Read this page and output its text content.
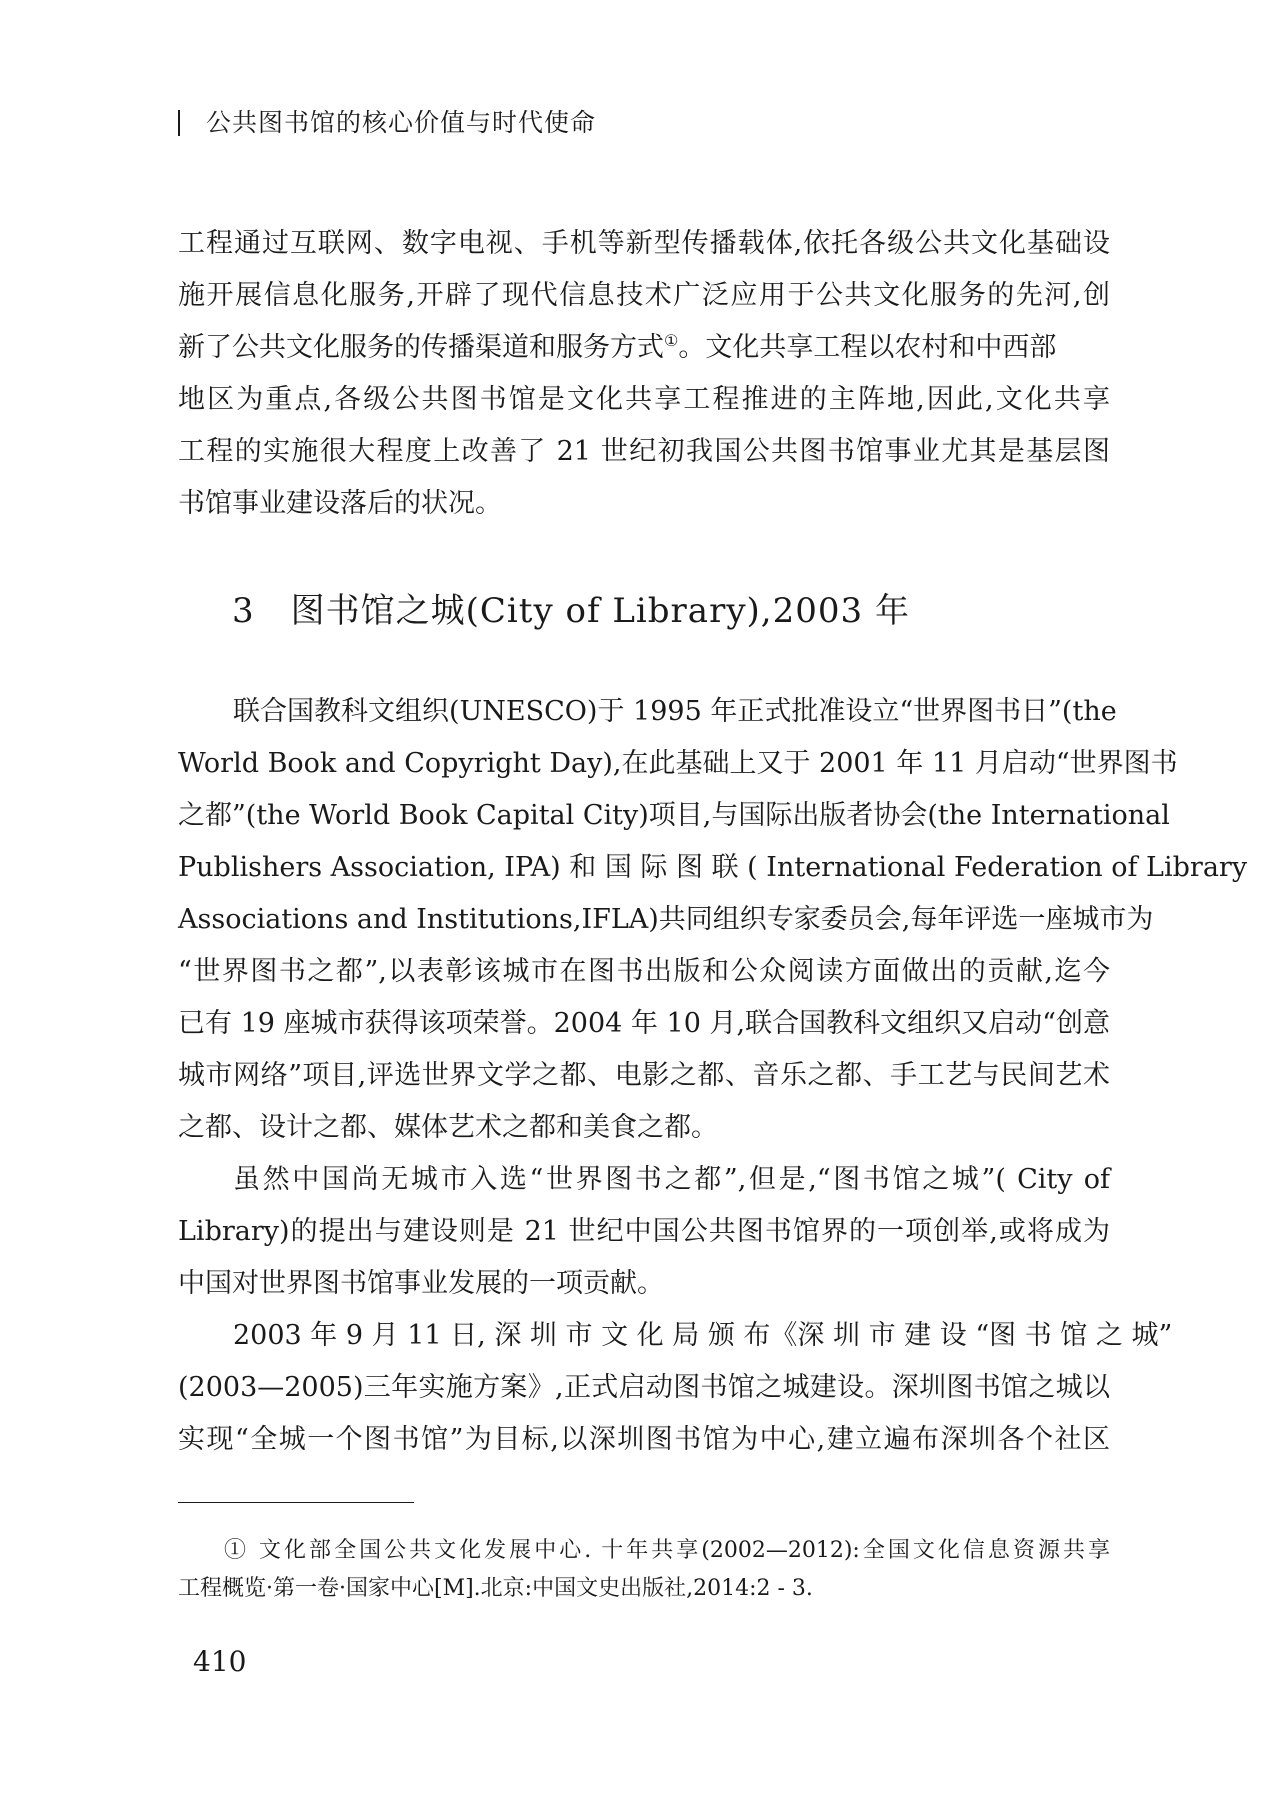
公共图书馆的核心价值与时代使命
工程通过互联网、数字电视、手机等新型传播载体,依托各级公共文化基础设
施开展信息化服务,开辟了现代信息技术广泛应用于公共文化服务的先河,创
新了公共文化服务的传播渠道和服务方式①。文化共享工程以农村和中西部
地区为重点,各级公共图书馆是文化共享工程推进的主阵地,因此,文化共享
工程的实施很大程度上改善了 21 世纪初我国公共图书馆事业尤其是基层图
书馆事业建设落后的状况。
3 图书馆之城(City of Library),2003 年
联合国教科文组织(UNESCO)于 1995 年正式批准设立“世界图书日”(the
World Book and Copyright Day),在此基础上又于 2001 年 11 月启动“世界图书
之都”(the World Book Capital City)项目,与国际出版者协会(the International
Publishers Association, IPA) 和 国 际 图 联 ( International Federation of Library
Associations and Institutions,IFLA)共同组织专家委员会,每年评选一座城市为
“世界图书之都”,以表彰该城市在图书出版和公众阅读方面做出的贡献,迄今
已有 19 座城市获得该项荣誉。2004 年 10 月,联合国教科文组织又启动“创意
城市网络”项目,评选世界文学之都、电影之都、音乐之都、手工艺与民间艺术
之都、设计之都、媒体艺术之都和美食之都。
虽然中国尚无城市入选“世界图书之都”,但是,“图书馆之城”( City of
Library)的提出与建设则是 21 世纪中国公共图书馆界的一项创举,或将成为
中国对世界图书馆事业发展的一项贡献。
2003 年 9 月 11 日, 深 圳 市 文 化 局 颁 布《深 圳 市 建 设 “图 书 馆 之 城”
(2003—2005)三年实施方案》,正式启动图书馆之城建设。深圳图书馆之城以
实现“全城一个图书馆”为目标,以深圳图书馆为中心,建立遍布深圳各个社区
① 文化部全国公共文化发展中心. 十年共享(2002—2012):全国文化信息资源共享
工程概览·第一卷·国家中心[M].北京:中国文史出版社,2014:2 - 3.
410
